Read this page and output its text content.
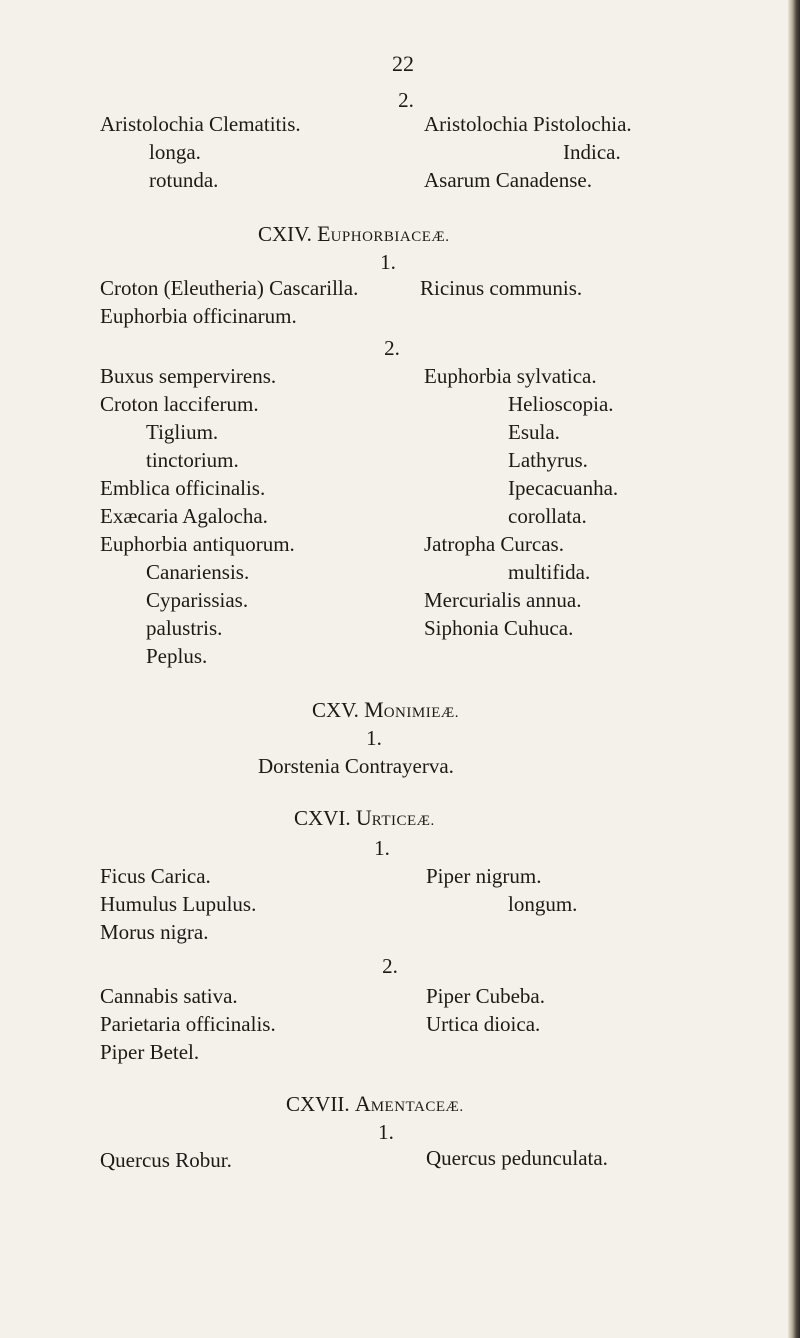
22
2.
Aristolochia Clematitis.
longa.
rotunda.
Aristolochia Pistolochia.
Indica.
Asarum Canadense.
CXIV. EUPHORBIACEÆ.
1.
Croton (Eleutheria) Cascarilla.
Euphorbia officinarum.
Ricinus communis.
2.
Buxus sempervirens.
Croton lacciferum.
Tiglium.
tinctorium.
Emblica officinalis.
Exæcaria Agalocha.
Euphorbia antiquorum.
Canariensis.
Cyparissias.
palustris.
Peplus.
Euphorbia sylvatica.
Helioscopia.
Esula.
Lathyrus.
Ipecacuanha.
corollata.
Jatropha Curcas.
multifida.
Mercurialis annua.
Siphonia Cuhuca.
CXV. MONIMIEÆ.
1.
Dorstenia Contrayerva.
CXVI. URTICEÆ.
1.
Ficus Carica.
Humulus Lupulus.
Morus nigra.
Piper nigrum.
longum.
2.
Cannabis sativa.
Parietaria officinalis.
Piper Betel.
Piper Cubeba.
Urtica dioica.
CXVII. AMENTACEÆ.
1.
Quercus Robur.	Quercus pedunculata.
